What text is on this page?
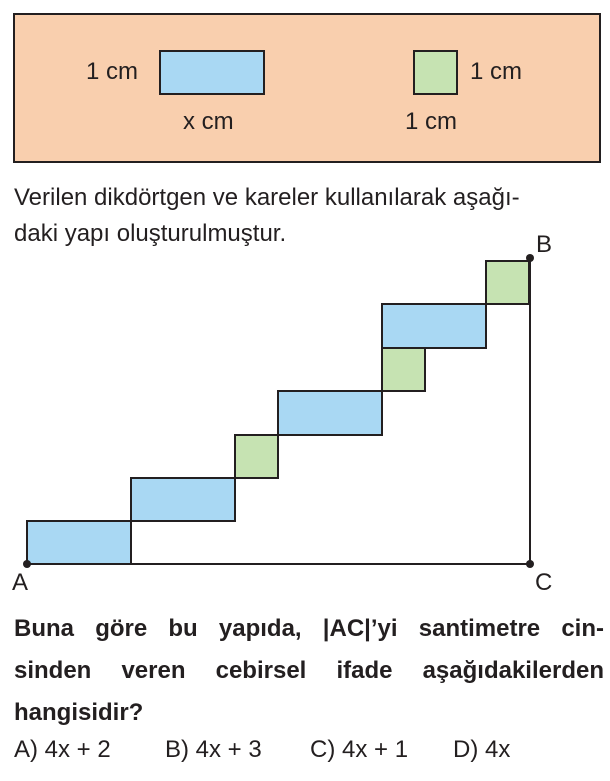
1 cm
x cm
1 cm
1 cm
Verilen dikdörtgen ve kareler kullanılarak aşağı-
daki yapı oluşturulmuştur.
A	C
B
Buna göre bu yapıda, |AC|’yi santimetre cin-
sinden veren cebirsel ifade aşağıdakilerden
hangisidir?
A) 4x + 2 B) 4x + 3 C) 4x + 1 D) 4x
